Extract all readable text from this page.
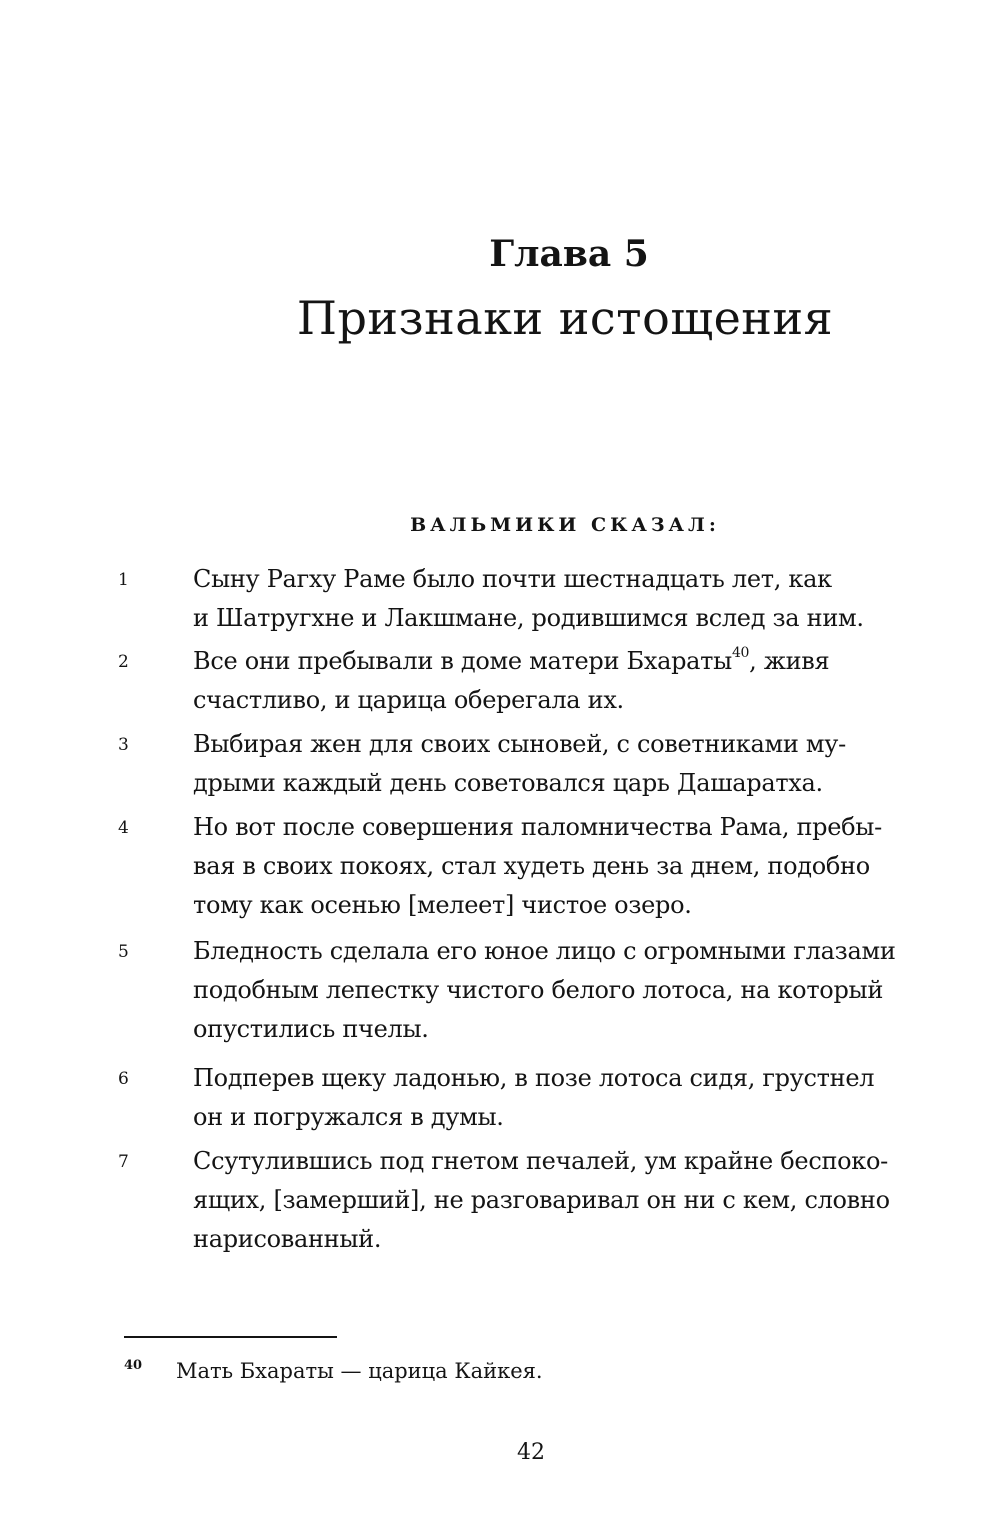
Глава 5
Признаки истощения
ВАЛЬМИКИ СКАЗАЛ:
1	Сыну Рагху Раме было почти шестнадцать лет, как
и Шатругхне и Лакшмане, родившимся вслед за ним.
2	Все они пребывали в доме матери Бхараты$^{40}$, живя
счастливо, и царица оберегала их.
3	Выбирая жен для своих сыновей, с советниками му-
дрыми каждый день советовался царь Дашаратха.
4	Но вот после совершения паломничества Рама, пребы-
вая в своих покоях, стал худеть день за днем, подобно
тому как осенью [мелеет] чистое озеро.
5	Бледность сделала его юное лицо с огромными глазами
подобным лепестку чистого белого лотоса, на который
опустились пчелы.
6	Подперев щеку ладонью, в позе лотоса сидя, грустнел
он и погружался в думы.
7	Ссутулившись под гнетом печалей, ум крайне беспоко-
ящих, [замерший], не разговаривал он ни с кем, словно
нарисованный.
40 Мать Бхараты — царица Кайкея.
42
